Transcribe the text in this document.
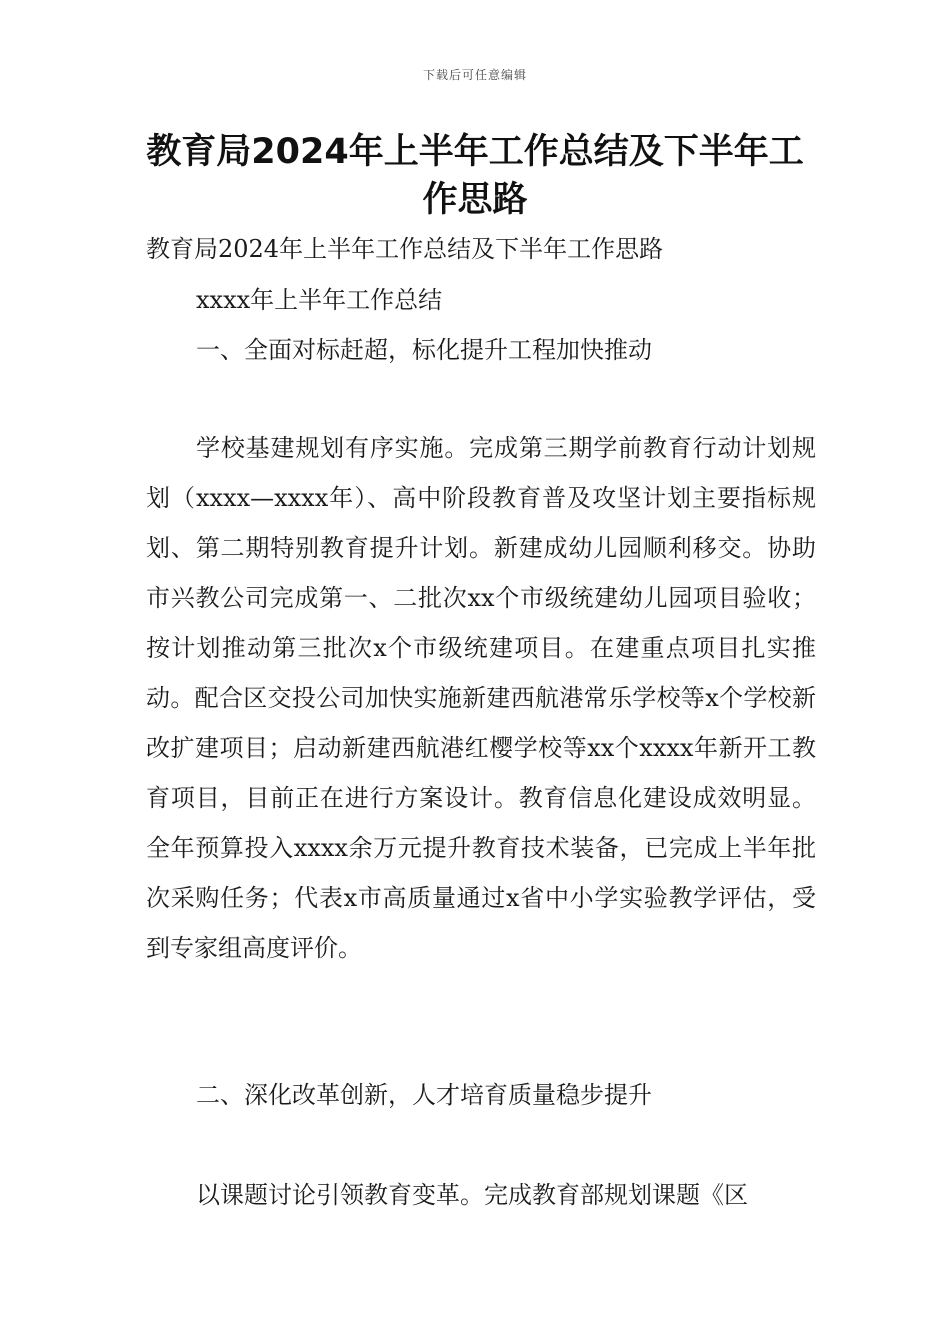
下载后可任意编辑
教育局2024年上半年工作总结及下半年工作思路
教育局2024年上半年工作总结及下半年工作思路
xxxx年上半年工作总结
一、全面对标赶超，标化提升工程加快推动
学校基建规划有序实施。完成第三期学前教育行动计划规划（xxxx—xxxx年）、高中阶段教育普及攻坚计划主要指标规划、第二期特别教育提升计划。新建成幼儿园顺利移交。协助市兴教公司完成第一、二批次xx个市级统建幼儿园项目验收；按计划推动第三批次x个市级统建项目。在建重点项目扎实推动。配合区交投公司加快实施新建西航港常乐学校等x个学校新改扩建项目；启动新建西航港红樱学校等xx个xxxx年新开工教育项目，目前正在进行方案设计。教育信息化建设成效明显。全年预算投入xxxx余万元提升教育技术装备，已完成上半年批次采购任务；代表x市高质量通过x省中小学实验教学评估，受到专家组高度评价。
二、深化改革创新，人才培育质量稳步提升
以课题讨论引领教育变革。完成教育部规划课题《区
